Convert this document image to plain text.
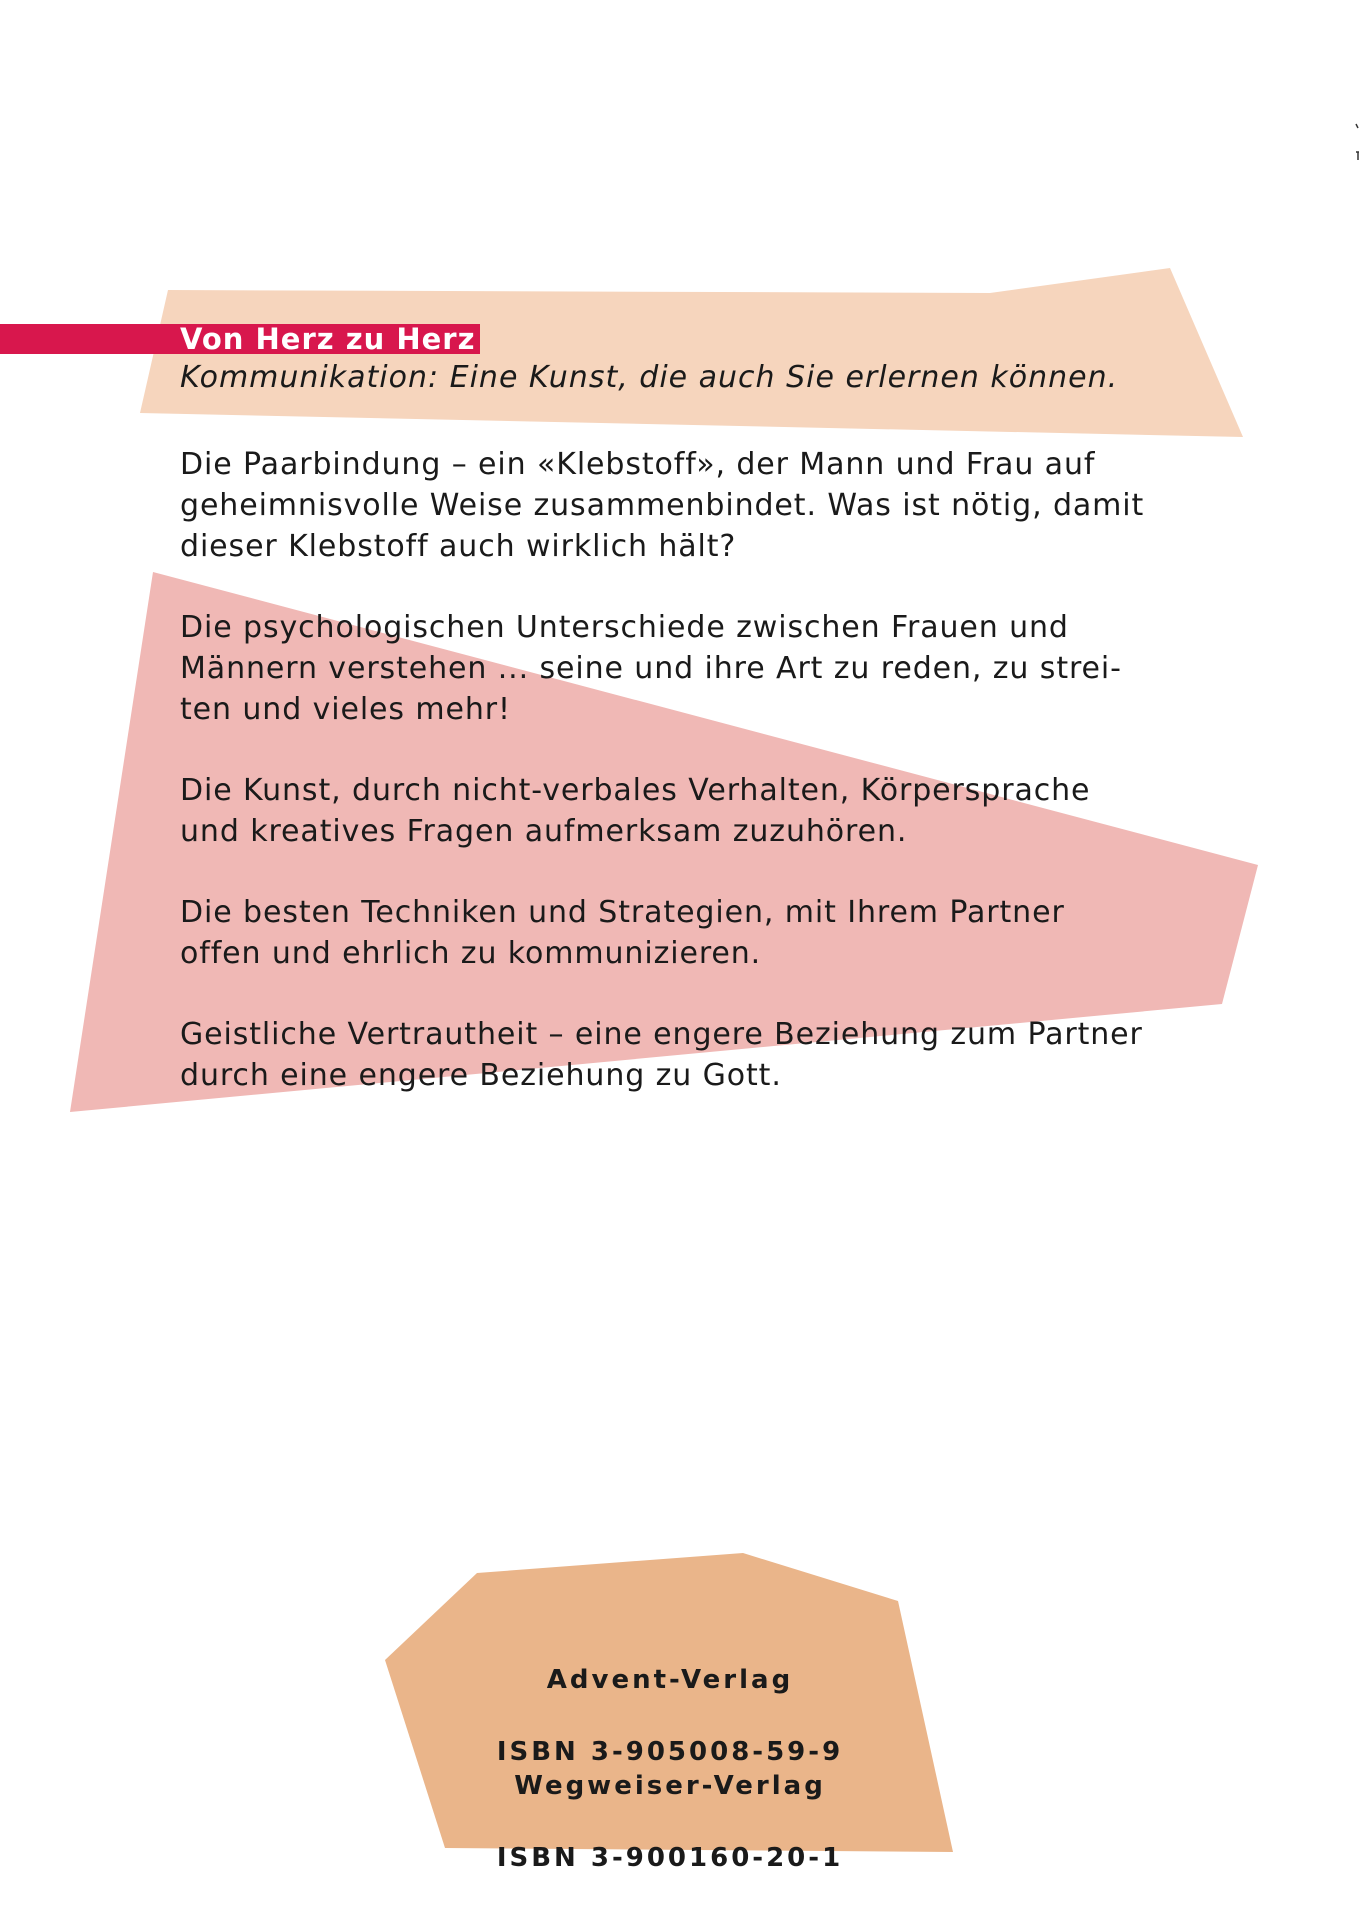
Von Herz zu Herz
Kommunikation: Eine Kunst, die auch Sie erlernen können.
Die Paarbindung – ein «Klebstoff», der Mann und Frau auf
geheimnisvolle Weise zusammenbindet. Was ist nötig, damit
dieser Klebstoff auch wirklich hält?
Die psychologischen Unterschiede zwischen Frauen und
Männern verstehen ... seine und ihre Art zu reden, zu strei-
ten und vieles mehr!
Die Kunst, durch nicht-verbales Verhalten, Körpersprache
und kreatives Fragen aufmerksam zuzuhören.
Die besten Techniken und Strategien, mit Ihrem Partner
offen und ehrlich zu kommunizieren.
Geistliche Vertrautheit – eine engere Beziehung zum Partner
durch eine engere Beziehung zu Gott.

Advent-Verlag

ISBN 3-905008-59-9

Wegweiser-Verlag

ISBN 3-900160-20-1
